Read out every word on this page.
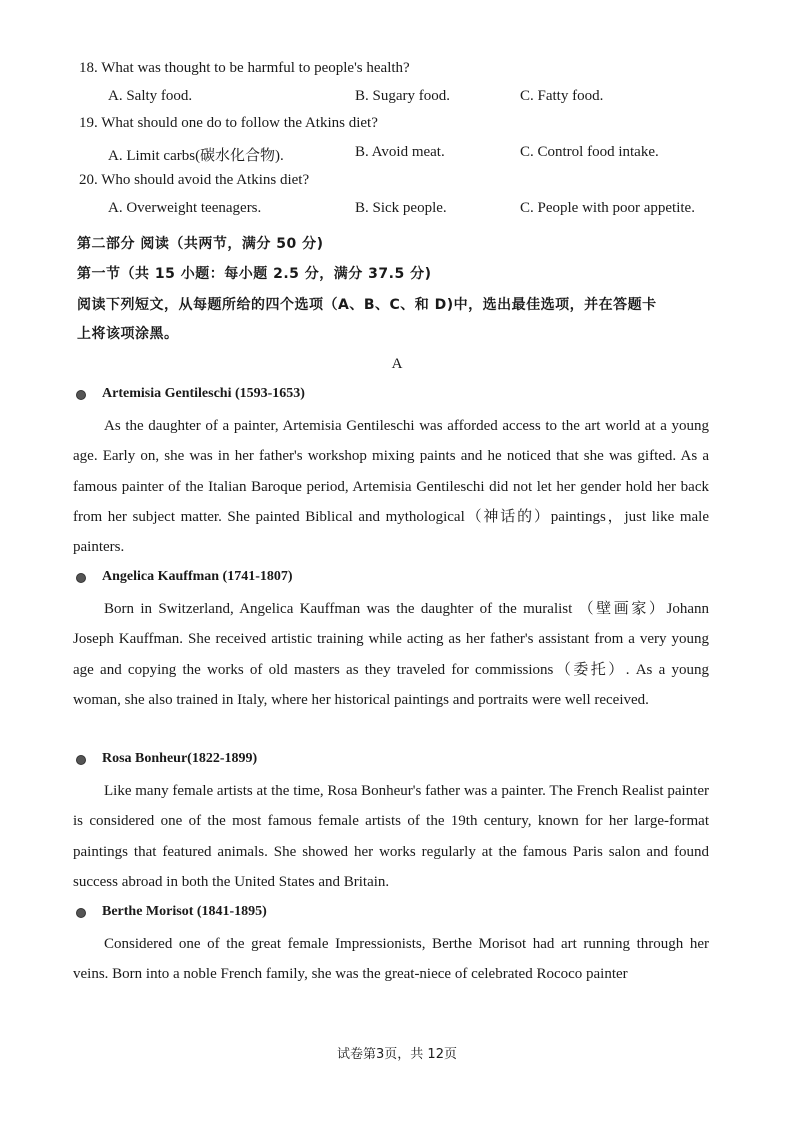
18. What was thought to be harmful to people's health?
A. Salty food.	B. Sugary food.	C. Fatty food.
19. What should one do to follow the Atkins diet?
A. Limit carbs(碳水化合物).	B. Avoid meat.	C. Control food intake.
20. Who should avoid the Atkins diet?
A. Overweight teenagers.	B. Sick people.	C. People with poor appetite.
第二部分 阅读（共两节，满分 50 分)
第一节（共 15 小题：每小题 2.5 分，满分 37.5 分)
阅读下列短文，从每题所给的四个选项（A、B、C、和 D)中，选出最佳选项，并在答题卡
上将该项涂黑。
A
Artemisia Gentileschi (1593-1653)

As the daughter of a painter, Artemisia Gentileschi was afforded access to the art world at a young age. Early on, she was in her father's workshop mixing paints and he noticed that she was gifted. As a famous painter of the Italian Baroque period, Artemisia Gentileschi did not let her gender hold her back from her subject matter. She painted Biblical and mythological（神话的）paintings，just like male painters.

Angelica Kauffman (1741-1807)

Born in Switzerland, Angelica Kauffman was the daughter of the muralist （壁画家）Johann Joseph Kauffman. She received artistic training while acting as her father's assistant from a very young age and copying the works of old masters as they traveled for commissions（委托）. As a young woman, she also trained in Italy, where her historical paintings and portraits were well received.

Rosa Bonheur(1822-1899)

Like many female artists at the time, Rosa Bonheur's father was a painter. The French Realist painter is considered one of the most famous female artists of the 19th century, known for her large-format paintings that featured animals. She showed her works regularly at the famous Paris salon and found success abroad in both the United States and Britain.

Berthe Morisot (1841-1895)

Considered one of the great female Impressionists, Berthe Morisot had art running through her veins. Born into a noble French family, she was the great-niece of celebrated Rococo painter

试卷第3页，共 12页
